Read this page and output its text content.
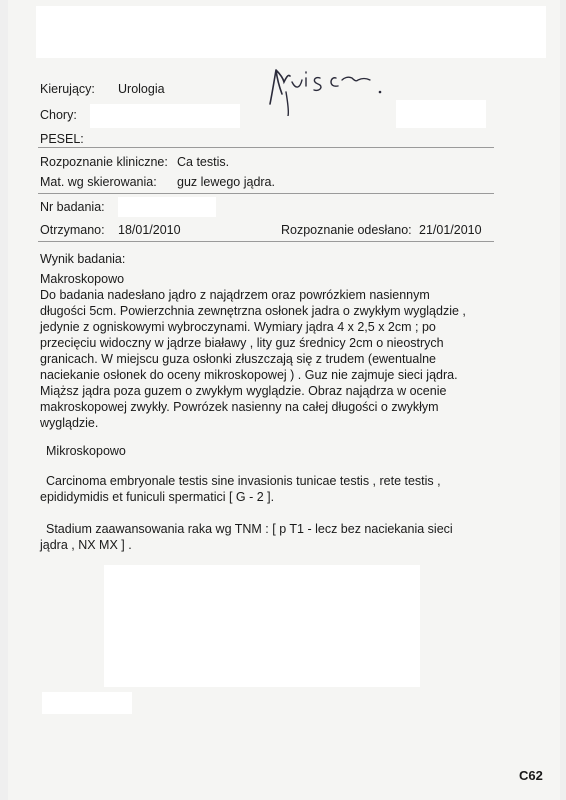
Kierujący: Urologia
Chory:
PESEL:
Rozpoznanie kliniczne: Ca testis.
Mat. wg skierowania: guz lewego jądra.
Nr badania:
Otrzymano: 18/01/2010	Rozpoznanie odesłano: 21/01/2010
Wynik badania:
Makroskopowo
Do badania nadesłano jądro z najądrzem oraz powrózkiem nasiennym
długości 5cm. Powierzchnia zewnętrzna osłonek jadra o zwykłym wyglądzie ,
jedynie z ogniskowymi wybroczynami. Wymiary jądra 4 x 2,5 x 2cm ; po
przecięciu widoczny w jądrze białawy , lity guz średnicy 2cm o nieostrych
granicach. W miejscu guza osłonki złuszczają się z trudem (ewentualne
naciekanie osłonek do oceny mikroskopowej ) . Guz nie zajmuje sieci jądra.
Miąższ jądra poza guzem o zwykłym wyglądzie. Obraz najądrza w ocenie
makroskopowej zwykły. Powrózek nasienny na całej długości o zwykłym
wyglądzie.
Mikroskopowo
Carcinoma embryonale testis sine invasionis tunicae testis , rete testis ,
epididymidis et funiculi spermatici [ G - 2 ].
Stadium zaawansowania raka wg TNM : [ p T1 - lecz bez naciekania sieci
jądra , NX MX ] .
C62
